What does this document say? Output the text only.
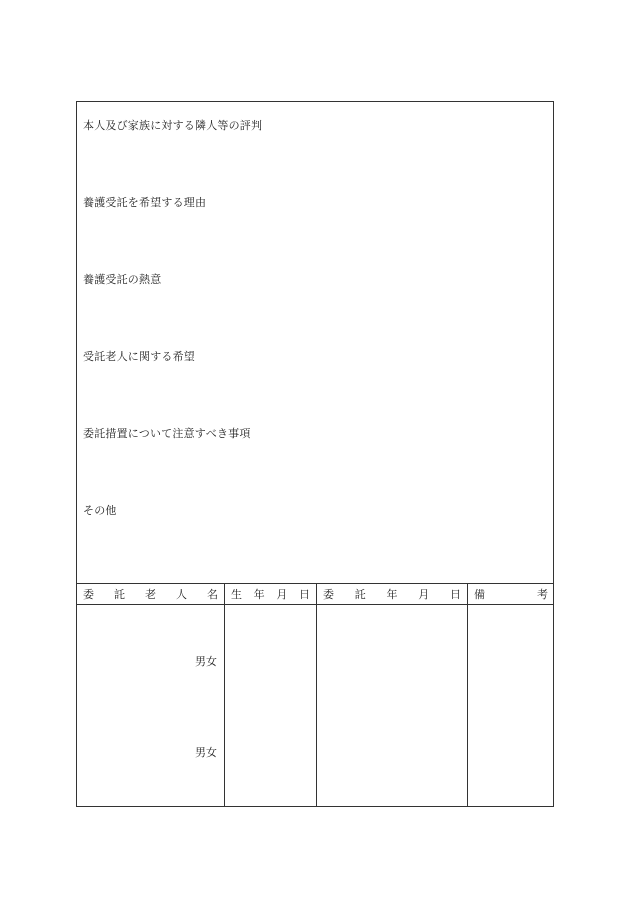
本人及び家族に対する隣人等の評判
養護受託を希望する理由
養護受託の熱意
受託老人に関する希望
委託措置について注意すべき事項
その他
委 託 老 人 名 生 年 月 日 委 託 年 月 日 備	考
男女
男女
